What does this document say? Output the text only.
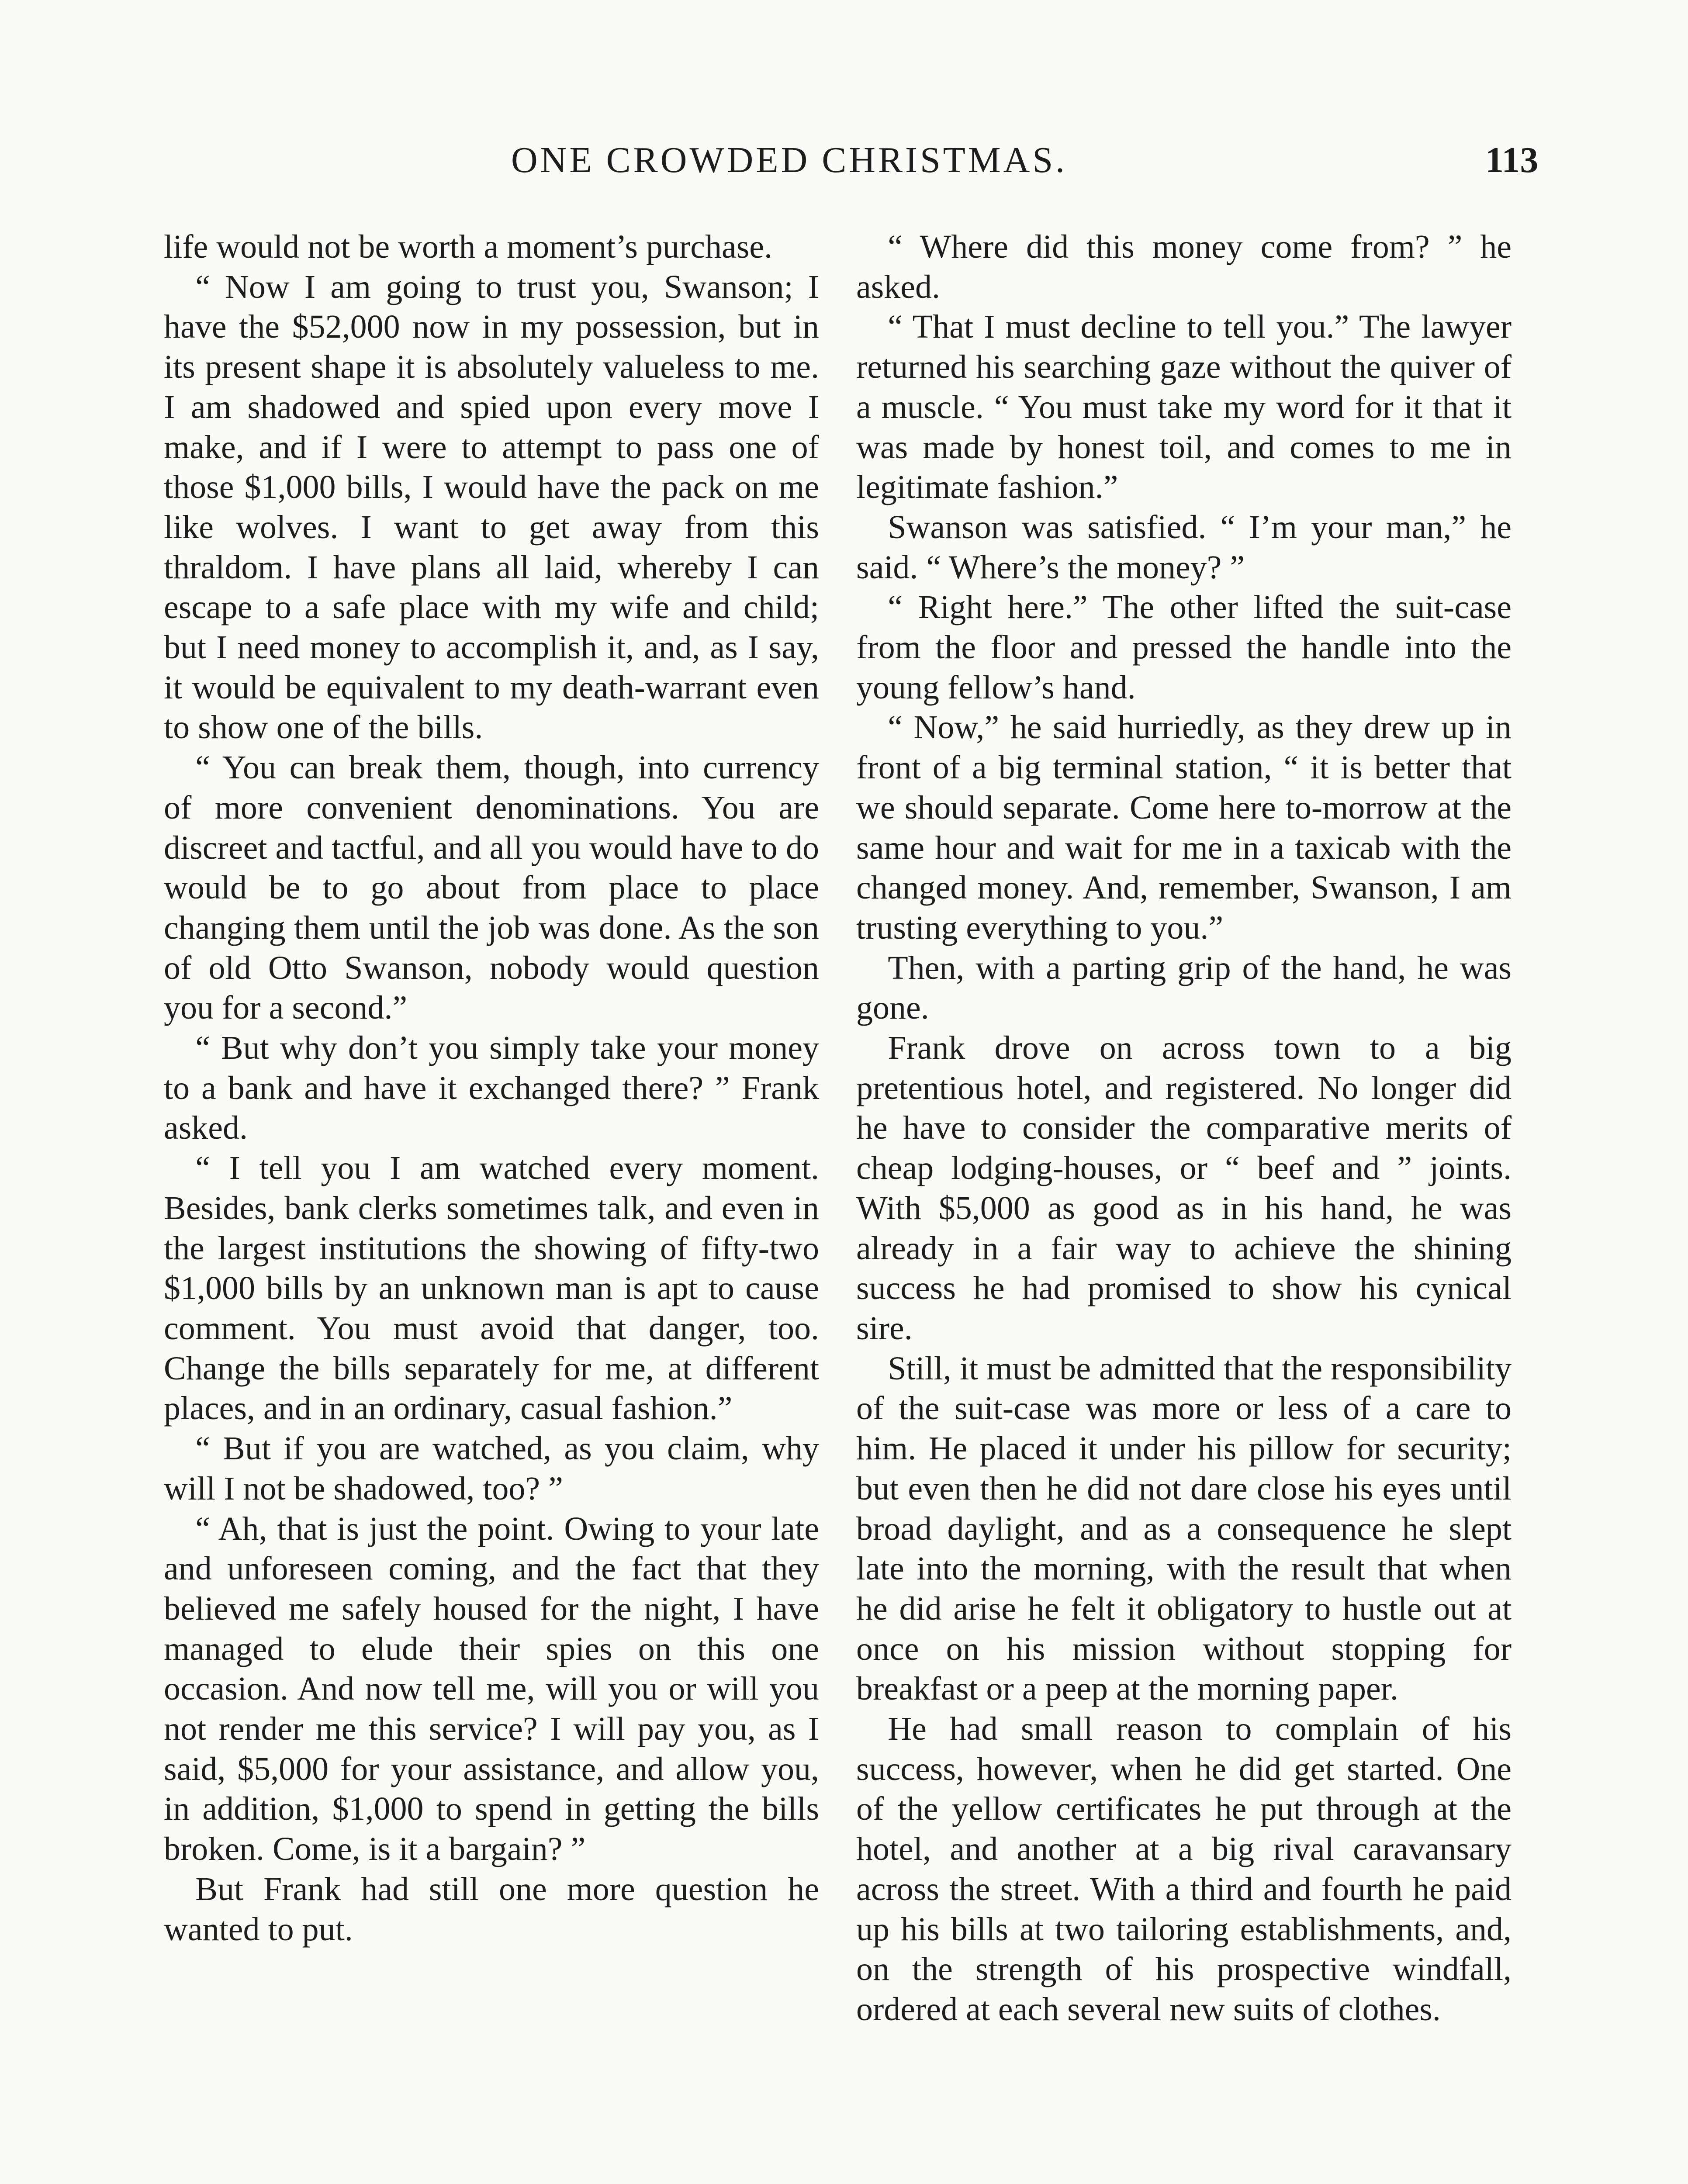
ONE CROWDED CHRISTMAS.	113

life would not be worth a moment’s purchase.

“ Now I am going to trust you, Swanson; I have the $52,000 now in my possession, but in its present shape it is absolutely valueless to me. I am shadowed and spied upon every move I make, and if I were to attempt to pass one of those $1,000 bills, I would have the pack on me like wolves. I want to get away from this thraldom. I have plans all laid, whereby I can escape to a safe place with my wife and child; but I need money to accomplish it, and, as I say, it would be equivalent to my death-warrant even to show one of the bills.

“ You can break them, though, into currency of more convenient denominations. You are discreet and tactful, and all you would have to do would be to go about from place to place changing them until the job was done. As the son of old Otto Swanson, nobody would question you for a second.”

“ But why don’t you simply take your money to a bank and have it exchanged there? ” Frank asked.

“ I tell you I am watched every moment. Besides, bank clerks sometimes talk, and even in the largest institutions the showing of fifty-two $1,000 bills by an unknown man is apt to cause comment. You must avoid that danger, too. Change the bills separately for me, at different places, and in an ordinary, casual fashion.”

“ But if you are watched, as you claim, why will I not be shadowed, too? ”

“ Ah, that is just the point. Owing to your late and unforeseen coming, and the fact that they believed me safely housed for the night, I have managed to elude their spies on this one occasion. And now tell me, will you or will you not render me this service? I will pay you, as I said, $5,000 for your assistance, and allow you, in addition, $1,000 to spend in getting the bills broken. Come, is it a bargain? ”

But Frank had still one more question he wanted to put.

“ Where did this money come from? ” he asked.

“ That I must decline to tell you.” The lawyer returned his searching gaze without the quiver of a muscle. “ You must take my word for it that it was made by honest toil, and comes to me in legitimate fashion.”

Swanson was satisfied. “ I’m your man,” he said. “ Where’s the money? ”

“ Right here.” The other lifted the suit-case from the floor and pressed the handle into the young fellow’s hand.

“ Now,” he said hurriedly, as they drew up in front of a big terminal station, “ it is better that we should separate. Come here to-morrow at the same hour and wait for me in a taxicab with the changed money. And, remember, Swanson, I am trusting everything to you.”

Then, with a parting grip of the hand, he was gone.

Frank drove on across town to a big pretentious hotel, and registered. No longer did he have to consider the comparative merits of cheap lodging-houses, or “ beef and ” joints. With $5,000 as good as in his hand, he was already in a fair way to achieve the shining success he had promised to show his cynical sire.

Still, it must be admitted that the responsibility of the suit-case was more or less of a care to him. He placed it under his pillow for security; but even then he did not dare close his eyes until broad daylight, and as a consequence he slept late into the morning, with the result that when he did arise he felt it obligatory to hustle out at once on his mission without stopping for breakfast or a peep at the morning paper.

He had small reason to complain of his success, however, when he did get started. One of the yellow certificates he put through at the hotel, and another at a big rival caravansary across the street. With a third and fourth he paid up his bills at two tailoring establishments, and, on the strength of his prospective windfall, ordered at each several new suits of clothes.
